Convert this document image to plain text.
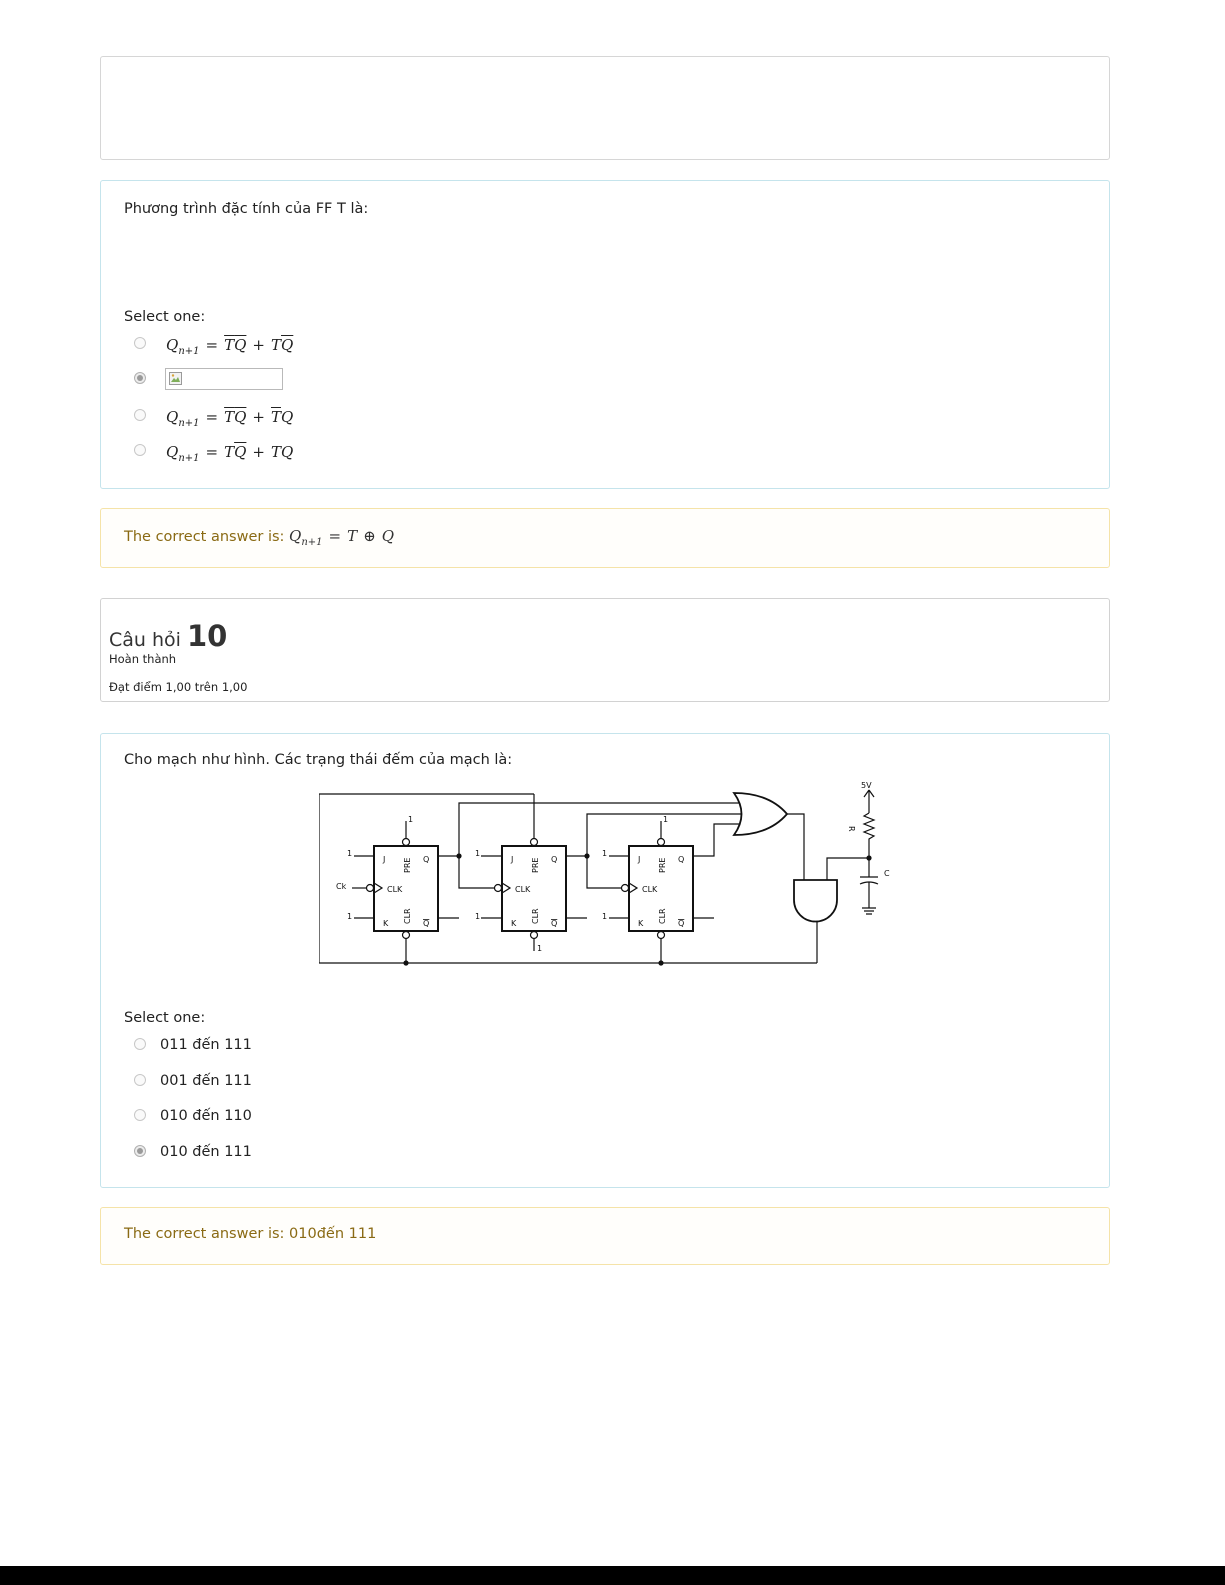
Phương trình đặc tính của FF T là:
Select one:
$Q_{n+1} = \overline{T}\overline{Q} + T\overline{Q}$
$Q_{n+1} = \overline{T}\overline{Q} + \overline{T}Q$
$Q_{n+1} = T\overline{Q}$ + TQ
The correct answer is: $Q_{n+1} = T$ ⊕ Q
Câu hỏi 10
Hoàn thành
Đạt điểm 1,00 trên 1,00
Cho mạch như hình. Các trạng thái đếm của mạch là:
J
K
Q
Q
CLK
PRE
CLR
J
K
Q
Q
CLK
PRE
CLR
J
K
Q
Q
CLK
PRE
CLR
1
1
1
1
1
1
1	1
1
Ck
5V
R
C
Select one:
011 đến 111
001 đến 111
010 đến 110
010 đến 111
The correct answer is: 010đến 111
